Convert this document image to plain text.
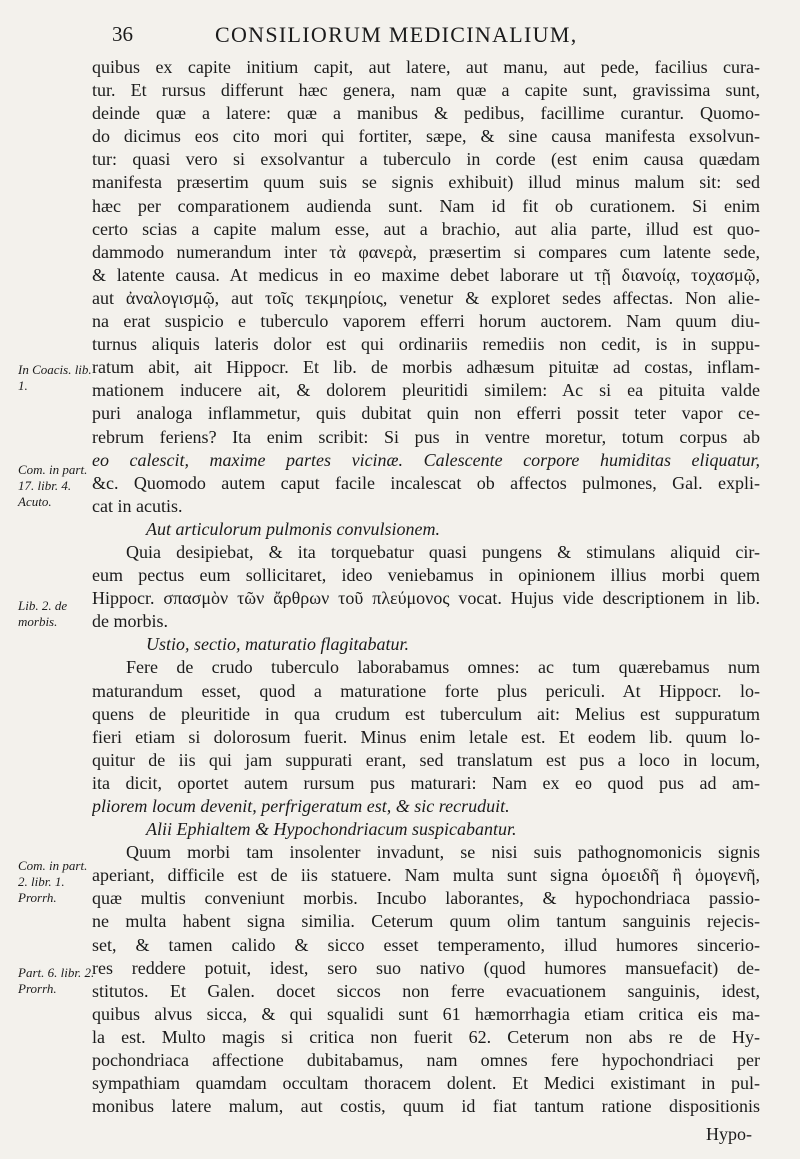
36	CONSILIORUM MEDICINALIUM,
quibus ex capite initium capit, aut latere, aut manu, aut pede, facilius cura-
tur. Et rursus differunt hæc genera, nam quæ a capite sunt, gravissima sunt,
deinde quæ a latere: quæ a manibus & pedibus, facillime curantur. Quomo-
do dicimus eos cito mori qui fortiter, sæpe, & sine causa manifesta exsolvun-
tur: quasi vero si exsolvantur a tuberculo in corde (est enim causa quædam
manifesta præsertim quum suis se signis exhibuit) illud minus malum sit: sed
hæc per comparationem audienda sunt. Nam id fit ob curationem. Si enim
certo scias a capite malum esse, aut a brachio, aut alia parte, illud est quo-
dammodo numerandum inter τὰ φανερὰ, præsertim si compares cum latente sede,
& latente causa. At medicus in eo maxime debet laborare ut τῇ διανοίᾳ, τοχασμῷ,
aut ἀναλογισμῷ, aut τοῖς τεκμηρίοις, venetur & exploret sedes affectas. Non alie-
na erat suspicio e tuberculo vaporem efferri horum auctorem. Nam quum diu-
turnus aliquis lateris dolor est qui ordinariis remediis non cedit, is in suppu-
ratum abit, ait Hippocr. Et lib. de morbis adhæsum pituitæ ad costas, inflam-
mationem inducere ait, & dolorem pleuritidi similem: Ac si ea pituita valde
puri analoga inflammetur, quis dubitat quin non efferri possit teter vapor ce-
rebrum feriens? Ita enim scribit: Si pus in ventre moretur, totum corpus ab
eo calescit, maxime partes vicinæ. Calescente corpore humiditas eliquatur,
&c. Quomodo autem caput facile incalescat ob affectos pulmones, Gal. expli-
cat in acutis.
Aut articulorum pulmonis convulsionem.
Quia desipiebat, & ita torquebatur quasi pungens & stimulans aliquid cir-
eum pectus eum sollicitaret, ideo veniebamus in opinionem illius morbi quem
Hippocr. σπασμὸν τῶν ἄρθρων τοῦ πλεύμονος vocat. Hujus vide descriptionem in lib.
de morbis.
Ustio, sectio, maturatio flagitabatur.
Fere de crudo tuberculo laborabamus omnes: ac tum quærebamus num
maturandum esset, quod a maturatione forte plus periculi. At Hippocr. lo-
quens de pleuritide in qua crudum est tuberculum ait: Melius est suppuratum
fieri etiam si dolorosum fuerit. Minus enim letale est. Et eodem lib. quum lo-
quitur de iis qui jam suppurati erant, sed translatum est pus a loco in locum,
ita dicit, oportet autem rursum pus maturari: Nam ex eo quod pus ad am-
pliorem locum devenit, perfrigeratum est, & sic recruduit.
Alii Ephialtem & Hypochondriacum suspicabantur.
Quum morbi tam insolenter invadunt, se nisi suis pathognomonicis signis
aperiant, difficile est de iis statuere. Nam multa sunt signa ὁμοειδῆ ἢ ὁμογενῆ,
quæ multis conveniunt morbis. Incubo laborantes, & hypochondriaca passio-
ne multa habent signa similia. Ceterum quum olim tantum sanguinis rejecis-
set, & tamen calido & sicco esset temperamento, illud humores sincerio-
res reddere potuit, idest, sero suo nativo (quod humores mansuefacit) de-
stitutos. Et Galen. docet siccos non ferre evacuationem sanguinis, idest,
quibus alvus sicca, & qui squalidi sunt 61 hæmorrhagia etiam critica eis ma-
la est. Multo magis si critica non fuerit 62. Ceterum non abs re de Hy-
pochondriaca affectione dubitabamus, nam omnes fere hypochondriaci per
sympathiam quamdam occultam thoracem dolent. Et Medici existimant in pul-
monibus latere malum, aut costis, quum id fiat tantum ratione dispositionis
In Coacis. lib. 1.
Com. in part. 17. libr. 4. Acuto.
Lib. 2. de morbis.
Com. in part. 2. libr. 1. Prorrh.
Part. 6. libr. 2. Prorrh.
Hypo-
